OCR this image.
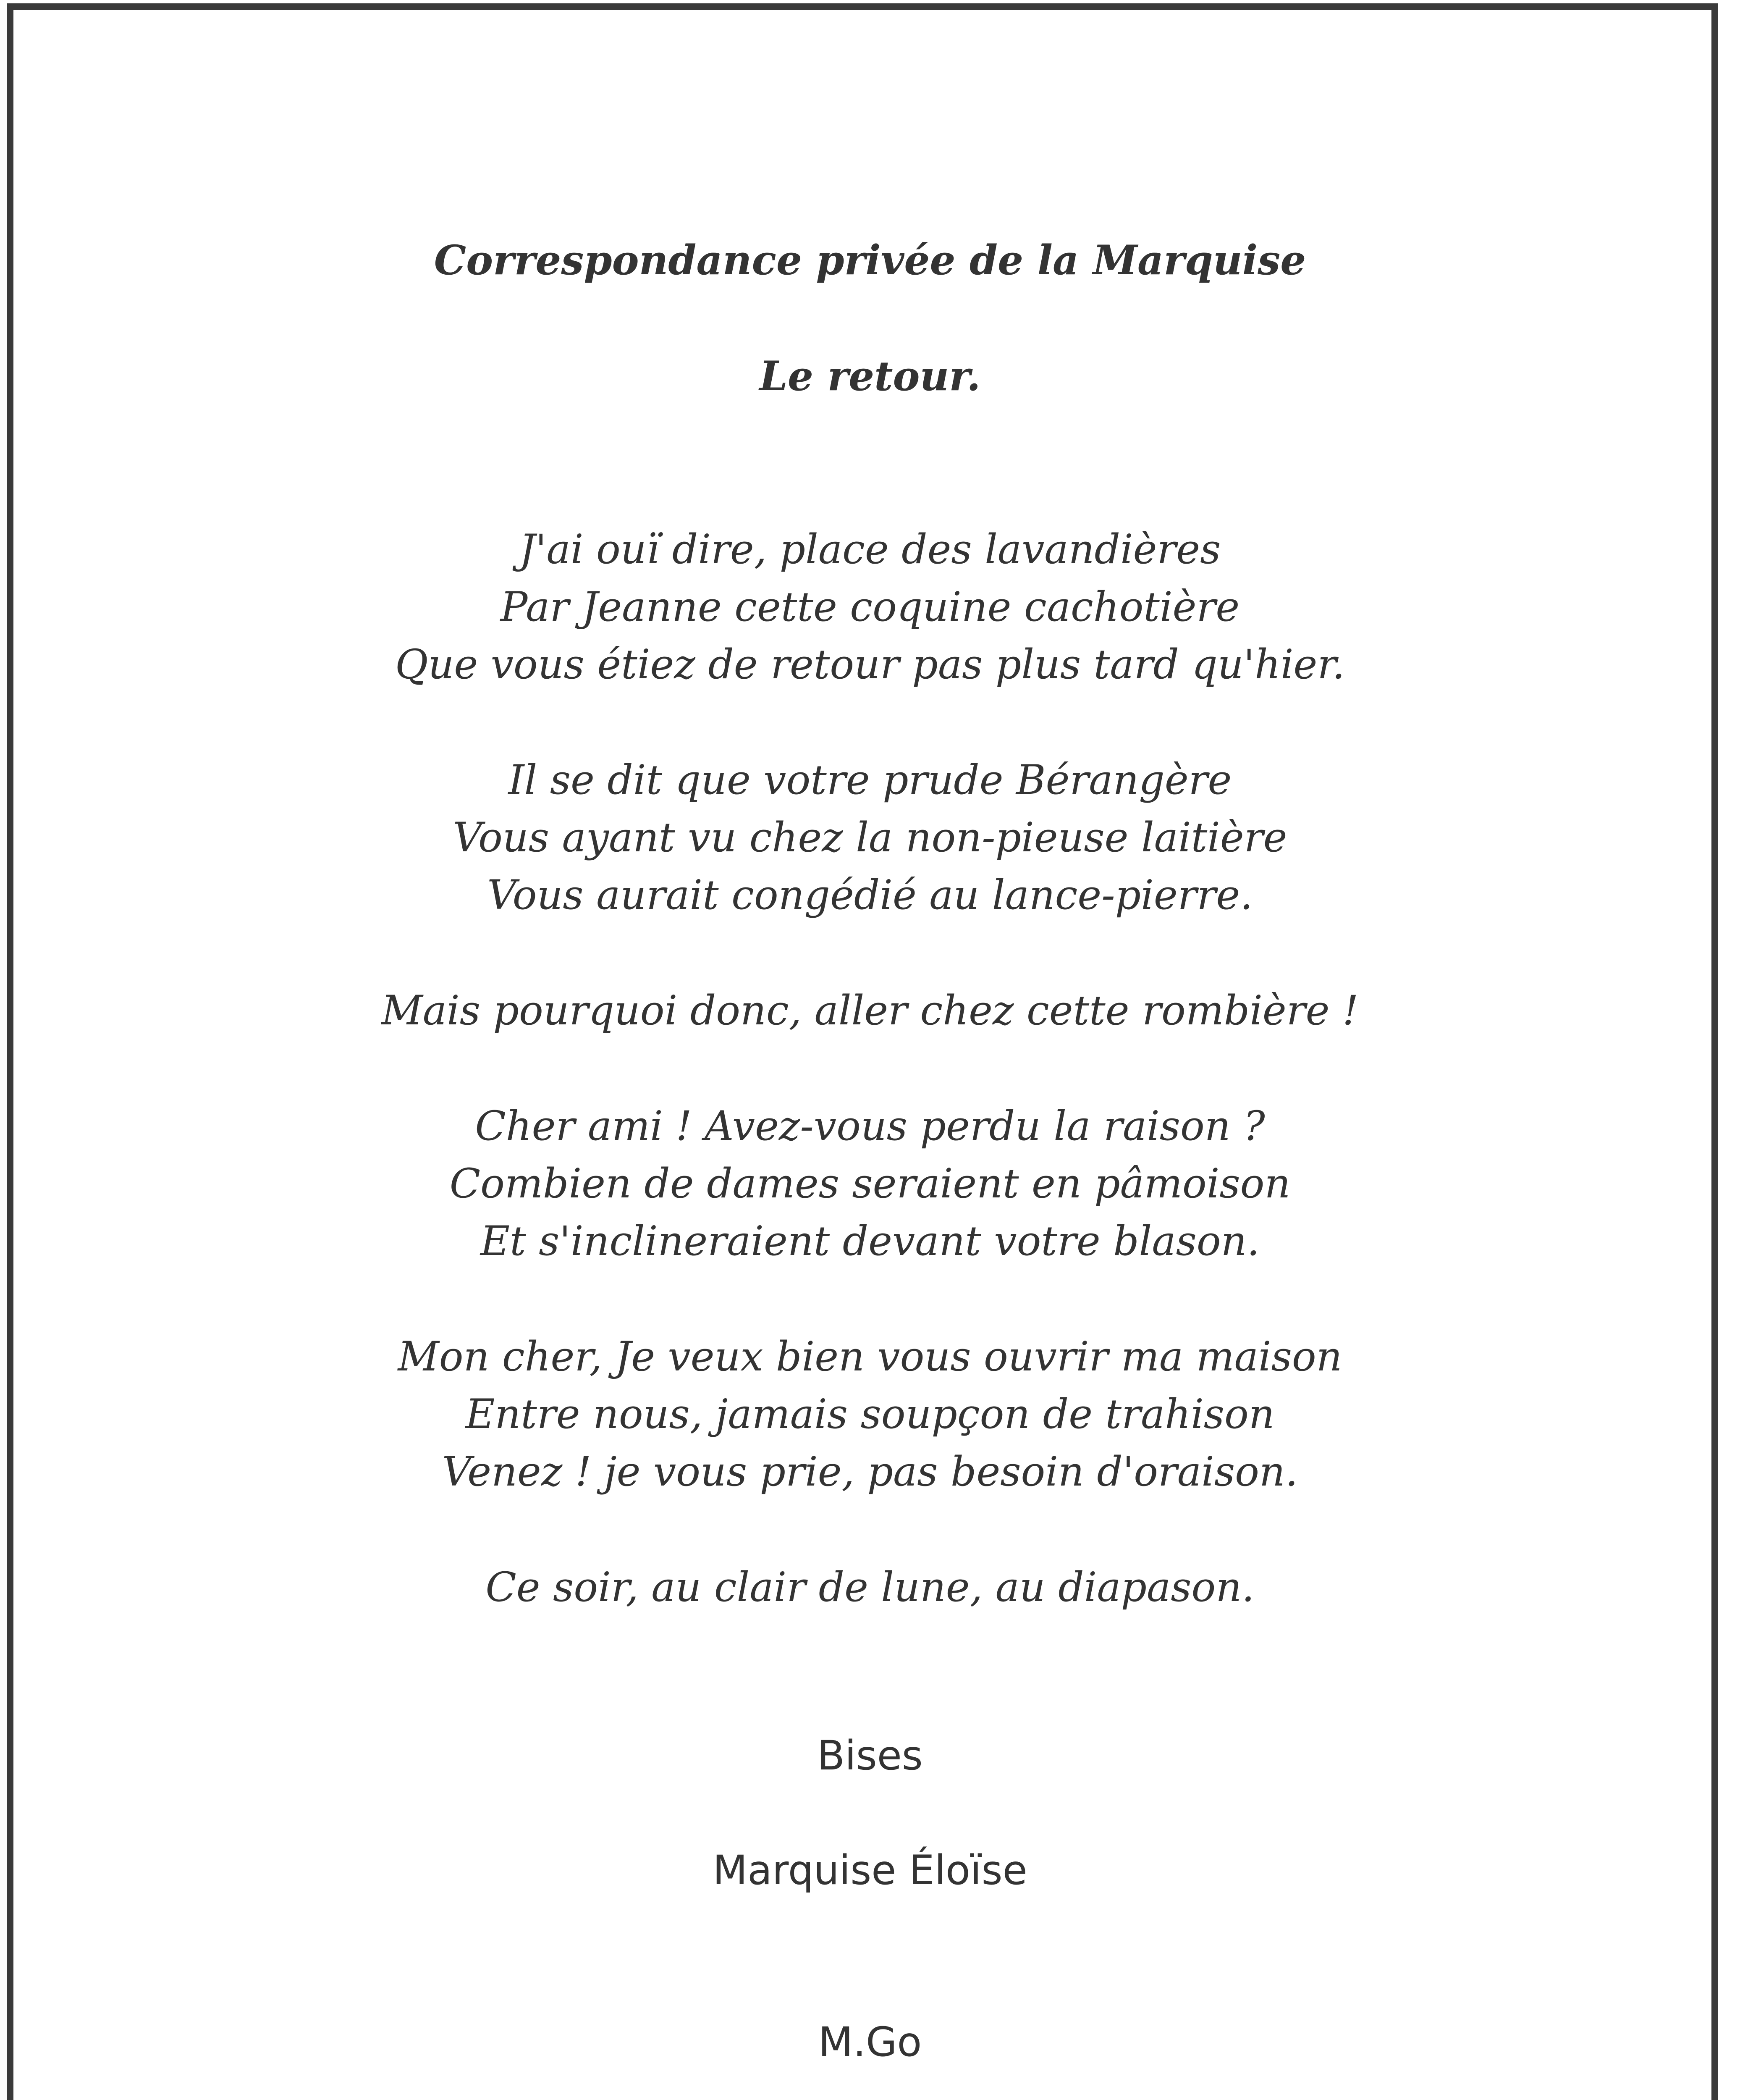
Correspondance privée de la Marquise
Le retour.
J'ai ouï dire, place des lavandières
Par Jeanne cette coquine cachotière
Que vous étiez de retour pas plus tard qu'hier.
Il se dit que votre prude Bérangère
Vous ayant vu chez la non-pieuse laitière
Vous aurait congédié au lance-pierre.
Mais pourquoi donc, aller chez cette rombière !
Cher ami ! Avez-vous perdu la raison ?
Combien de dames seraient en pâmoison
Et s'inclineraient devant votre blason.
Mon cher, Je veux bien vous ouvrir ma maison
Entre nous, jamais soupçon de trahison
Venez ! je vous prie, pas besoin d'oraison.
Ce soir, au clair de lune, au diapason.
Bises
Marquise Éloïse
M.Go
